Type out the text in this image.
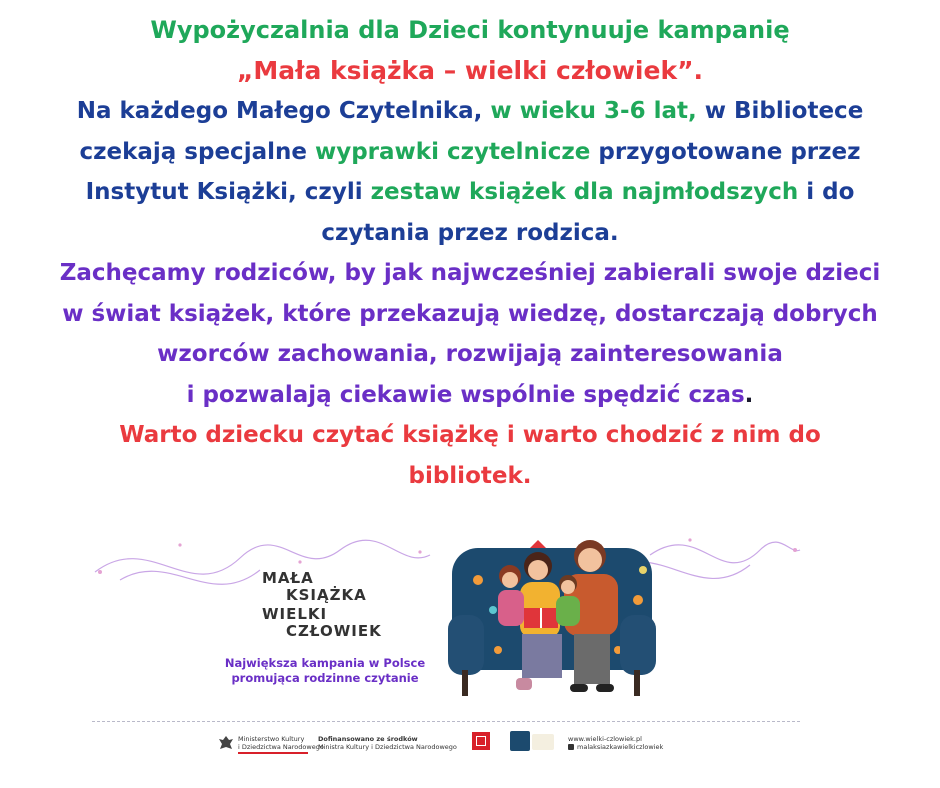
Wypożyczalnia dla Dzieci kontynuuje kampanię
„Mała książka – wielki człowiek”.
Na każdego Małego Czytelnika, w wieku 3-6 lat, w Bibliotece
czekają specjalne wyprawki czytelnicze przygotowane przez
Instytut Książki, czyli zestaw książek dla najmłodszych i do
czytania przez rodzica.
Zachęcamy rodziców, by jak najwcześniej zabierali swoje dzieci
w świat książek, które przekazują wiedzę, dostarczają dobrych
wzorców zachowania, rozwijają zainteresowania
i pozwalają ciekawie wspólnie spędzić czas.
Warto dziecku czytać książkę i warto chodzić z nim do
bibliotek.
MAŁA
KSIĄŻKA
WIELKI
CZŁOWIEK
Największa kampania w Polsce
promująca rodzinne czytanie
Ministerstwo Kultury
i Dziedzictwa Narodowego
Dofinansowano ze środków
Ministra Kultury i Dziedzictwa Narodowego
www.wielki-czlowiek.pl
malaksiazkawielkiczlowiek
